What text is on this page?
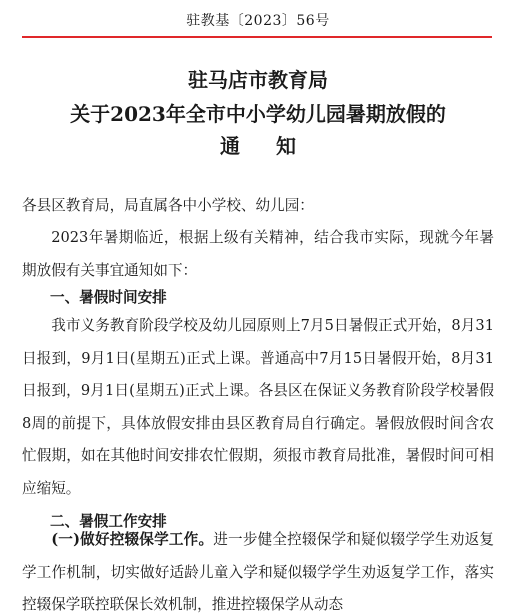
驻教基〔2023〕56号
驻马店市教育局
关于2023年全市中小学幼儿园暑期放假的
通知
各县区教育局，局直属各中小学校、幼儿园：
2023年暑期临近，根据上级有关精神，结合我市实际，现就今年暑期放假有关事宜通知如下：
一、暑假时间安排
我市义务教育阶段学校及幼儿园原则上7月5日暑假正式开始，8月31日报到，9月1日(星期五)正式上课。普通高中7月15日暑假开始，8月31日报到，9月1日(星期五)正式上课。各县区在保证义务教育阶段学校暑假8周的前提下，具体放假安排由县区教育局自行确定。暑假放假时间含农忙假期，如在其他时间安排农忙假期，须报市教育局批准，暑假时间可相应缩短。
二、暑假工作安排
(一)做好控辍保学工作。进一步健全控辍保学和疑似辍学学生劝返复学工作机制，切实做好适龄儿童入学和疑似辍学学生劝返复学工作，落实控辍保学联控联保长效机制，推进控辍保学从动态
